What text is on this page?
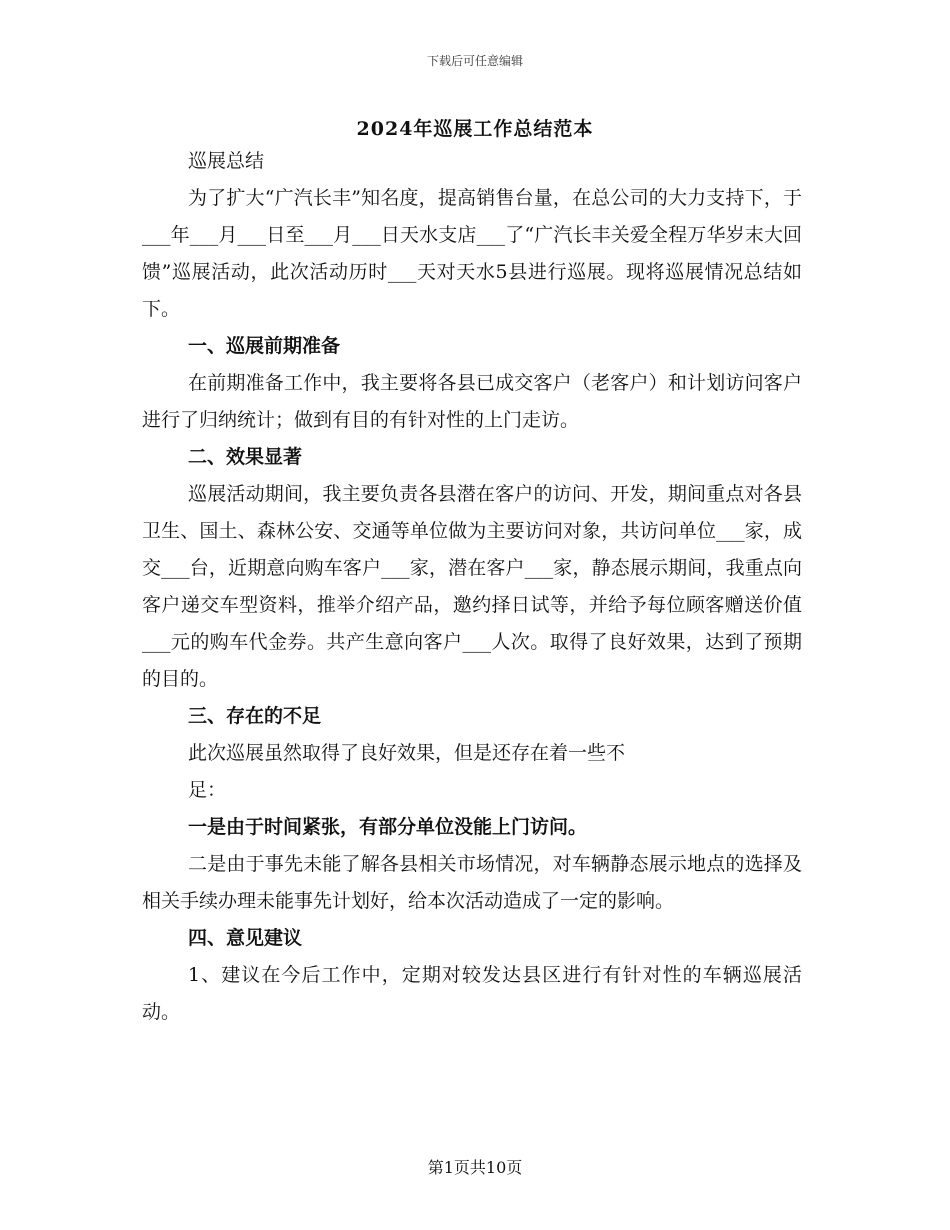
下载后可任意编辑
2024年巡展工作总结范本

巡展总结

为了扩大“广汽长丰”知名度，提高销售台量，在总公司的大力支持下，于___年___月___日至___月___日天水支店___了“广汽长丰关爱全程万华岁末大回馈”巡展活动，此次活动历时___天对天水5县进行巡展。现将巡展情况总结如下。

一、巡展前期准备

在前期准备工作中，我主要将各县已成交客户（老客户）和计划访问客户进行了归纳统计；做到有目的有针对性的上门走访。

二、效果显著

巡展活动期间，我主要负责各县潜在客户的访问、开发，期间重点对各县卫生、国土、森林公安、交通等单位做为主要访问对象，共访问单位___家，成交___台，近期意向购车客户___家，潜在客户___家，静态展示期间，我重点向客户递交车型资料，推举介绍产品，邀约择日试等，并给予每位顾客赠送价值___元的购车代金券。共产生意向客户___人次。取得了良好效果，达到了预期的目的。

三、存在的不足

此次巡展虽然取得了良好效果，但是还存在着一些不

足：

一是由于时间紧张，有部分单位没能上门访问。

二是由于事先未能了解各县相关市场情况，对车辆静态展示地点的选择及相关手续办理未能事先计划好，给本次活动造成了一定的影响。

四、意见建议

1、建议在今后工作中，定期对较发达县区进行有针对性的车辆巡展活动。

第1页共10页
